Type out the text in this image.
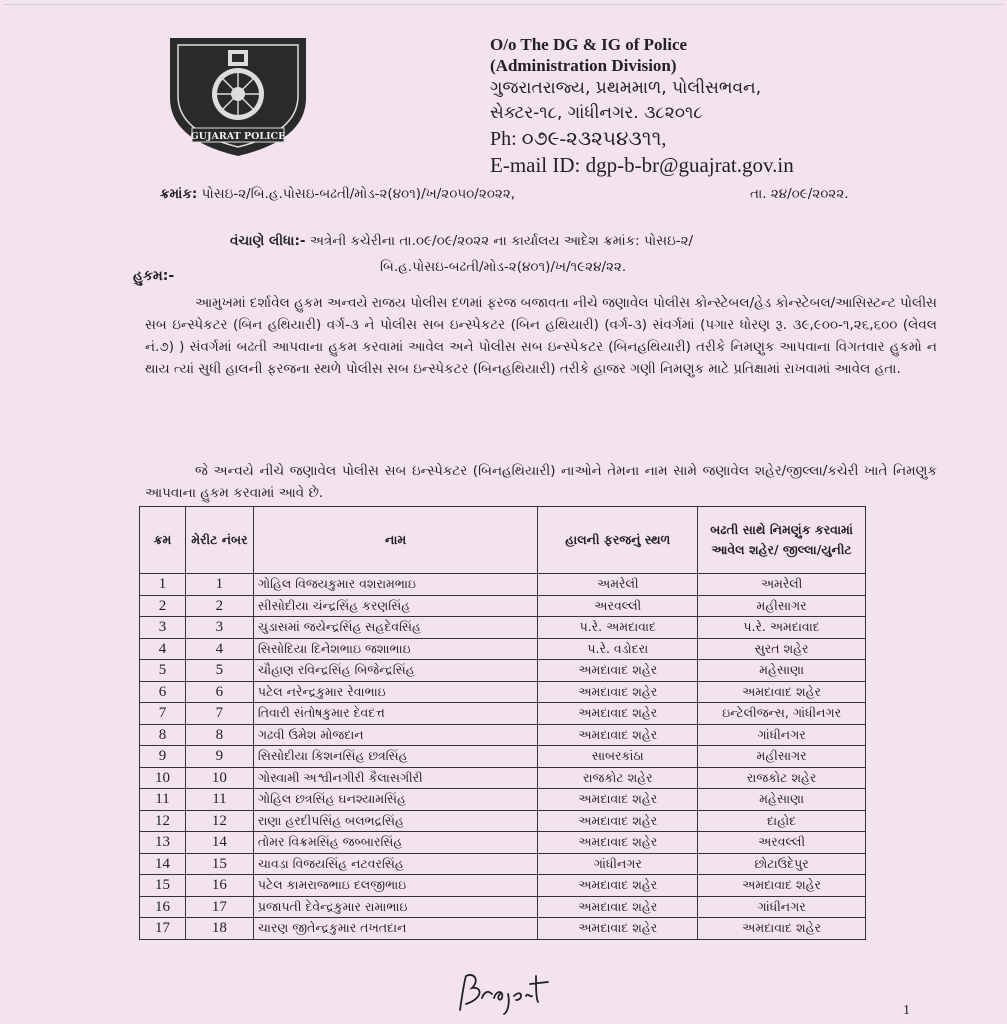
GUJARAT POLICE
O/o The DG & IG of Police
(Administration Division)
ગુજરાતરાજ્ય, પ્રથમમાળ, પોલીસભવન,
સેક્ટર-૧૮, ગાંધીનગર. ૩૮૨૦૧૮
Ph: ૦૭૯-૨૩૨૫૪૩૧૧,
E-mail ID: dgp-b-br@guajrat.gov.in
ક્રમાંક: પોસઇ-૨/બિ.હ.પોસઇ-બઢતી/મોડ-૨(૪૦૧)/ખ/૨૦૫૦/૨૦૨૨,	તા. ૨૪/૦૯/૨૦૨૨.
વંચાણે લીધા:- અત્રેની કચેરીના તા.૦૯/૦૯/૨૦૨૨ ના કાર્યાલય આદેશ ક્રમાંક: પોસઇ-૨/
બિ.હ.પોસઇ-બઢતી/મોડ-૨(૪૦૧)/ખ/૧૯૨૪/૨૨.
હુકમ:-
આમુખમાં દર્શાવેલ હુકમ અન્વયે રાજય પોલીસ દળમાં ફરજ બજાવતા નીચે જણાવેલ પોલીસ કોન્સ્ટેબલ/હેડ કોન્સ્ટેબલ/આસિસ્ટન્ટ પોલીસ સબ ઇન્સ્પેકટર (બિન હથિયારી) વર્ગ-૩ ને પોલીસ સબ ઇન્સ્પેકટર (બિન હથિયારી) (વર્ગ-૩) સંવર્ગમાં (પગાર ધોરણ રૂ. ૩૯,૯૦૦-૧,૨૬,૬૦૦ (લેવલ નં.૭) ) સંવર્ગમાં બઢતી આપવાના હુકમ કરવામાં આવેલ અને પોલીસ સબ ઇન્સ્પેકટર (બિનહથિયારી) તરીકે નિમણુક આપવાના વિગતવાર હુકમો ન થાય ત્યાં સુધી હાલની ફરજના સ્થળે પોલીસ સબ ઇન્સ્પેકટર (બિનહથિયારી) તરીકે હાજર ગણી નિમણુક માટે પ્રતિક્ષામાં રાખવામાં આવેલ હતા.
જે અન્વયે નીચે જણાવેલ પોલીસ સબ ઇન્સ્પેકટર (બિનહથિયારી) નાઓને તેમના નામ સામે જણાવેલ શહેર/જીલ્લા/કચેરી ખાતે નિમણુક આપવાના હુકમ કરવામાં આવે છે.
ક્રમ	મેરીટ નંબર	નામ	હાલની ફરજનું સ્થળ	બઢતી સાથે નિમણુંક કરવામાં આવેલ શહેર/ જીલ્લા/યુનીટ
1	1	ગોહિલ વિજયકુમાર વશરામભાઇ	અમરેલી	અમરેલી
2	2	સીસોદીયા ચંન્દ્રસિંહ કરણસિંહ	અરવલ્લી	મહીસાગર
3	3	ચુડાસમાં જયેન્દ્રસિંહ સહદેવસિંહ	પ.રે. અમદાવાદ	પ.રે. અમદાવાદ
4	4	સિસોદિયા દિનેશભાઇ જશાભાઇ	પ.રે. વડોદરા	સુરત શહેર
5	5	ચૌહાણ રવિન્દ્રસિંહ બિજેન્દ્રસિંહ	અમદાવાદ શહેર	મહેસાણા
6	6	પટેલ નરેન્દ્રકુમાર રેવાભાઇ	અમદાવાદ શહેર	અમદાવાદ શહેર
7	7	તિવારી સંતોષકુમાર દેવદત્ત	અમદાવાદ શહેર	ઇન્ટેલીજન્સ, ગાંધીનગર
8	8	ગઢવી ઉમેશ મોજદાન	અમદાવાદ શહેર	ગાંધીનગર
9	9	સિસોદીયા કિશનસિંહ છત્રસિંહ	સાબરકાંઠા	મહીસાગર
10	10	ગોસ્વામી અશ્વીનગીરી કૈલાસગીરી	રાજકોટ શહેર	રાજકોટ શહેર
11	11	ગોહિલ છત્રસિંહ ઘનશ્યામસિંહ	અમદાવાદ શહેર	મહેસાણા
12	12	રાણા હરદીપસિંહ બલભદ્રસિંહ	અમદાવાદ શહેર	દાહોદ
13	14	તોમર વિક્રમસિંહ જબ્બારસિંહ	અમદાવાદ શહેર	અરવલ્લી
14	15	ચાવડા વિજયસિંહ નટવરસિંહ	ગાંધીનગર	છોટાઉદેપુર
15	16	પટેલ કામરાજભાઇ દલજીભાઇ	અમદાવાદ શહેર	અમદાવાદ શહેર
16	17	પ્રજાપતી દેવેન્દ્રકુમાર રામાભાઇ	અમદાવાદ શહેર	ગાંધીનગર
17	18	ચારણ જીતેન્દ્રકુમાર તખતદાન	અમદાવાદ શહેર	અમદાવાદ શહેર
1
